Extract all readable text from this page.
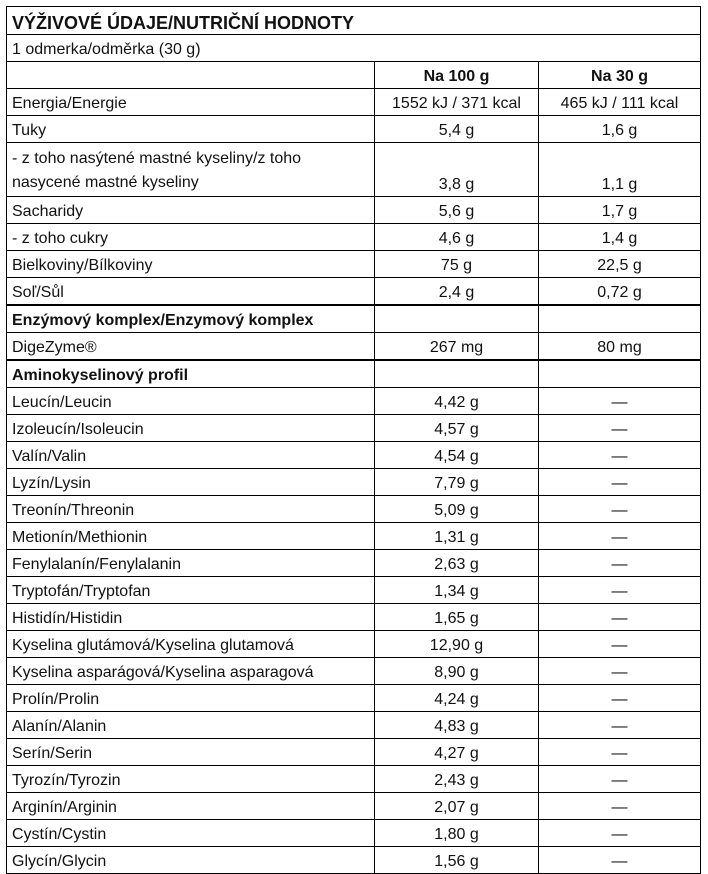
VÝŽIVOVÉ ÚDAJE/NUTRIČNÍ HODNOTY		
1 odmerka/odměrka (30 g)		
	Na 100 g	Na 30 g
Energia/Energie	1552 kJ / 371 kcal	465 kJ / 111 kcal
Tuky	5,4 g	1,6 g
- z toho nasýtené mastné kyseliny/z toho nasycené mastné kyseliny	3,8 g	1,1 g
Sacharidy	5,6 g	1,7 g
- z toho cukry	4,6 g	1,4 g
Bielkoviny/Bílkoviny	75 g	22,5 g
Soľ/Sůl	2,4 g	0,72 g
Enzýmový komplex/Enzymový komplex		
DigeZyme®	267 mg	80 mg
Aminokyselinový profil		
Leucín/Leucin	4,42 g	—
Izoleucín/Isoleucin	4,57 g	—
Valín/Valin	4,54 g	—
Lyzín/Lysin	7,79 g	—
Treonín/Threonin	5,09 g	—
Metionín/Methionin	1,31 g	—
Fenylalanín/Fenylalanin	2,63 g	—
Tryptofán/Tryptofan	1,34 g	—
Histidín/Histidin	1,65 g	—
Kyselina glutámová/Kyselina glutamová	12,90 g	—
Kyselina asparágová/Kyselina asparagová	8,90 g	—
Prolín/Prolin	4,24 g	—
Alanín/Alanin	4,83 g	—
Serín/Serin	4,27 g	—
Tyrozín/Tyrozin	2,43 g	—
Arginín/Arginin	2,07 g	—
Cystín/Cystin	1,80 g	—
Glycín/Glycin	1,56 g	—
